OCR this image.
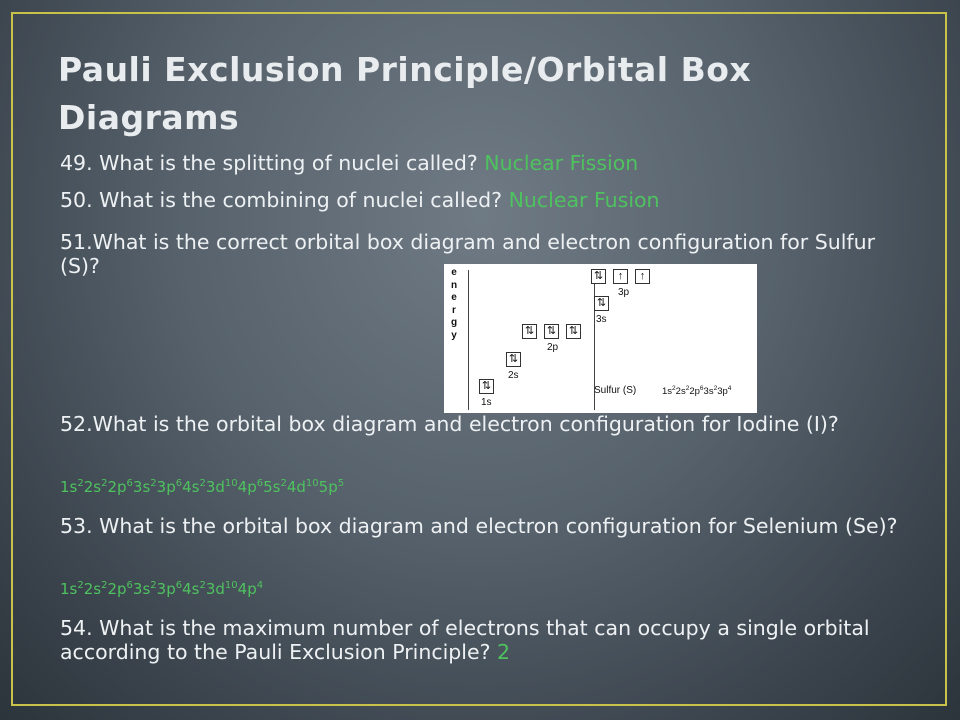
Pauli Exclusion Principle/Orbital Box Diagrams
49. What is the splitting of nuclei called? Nuclear Fission
50. What is the combining of nuclei called? Nuclear Fusion
51.What is the correct orbital box diagram and electron configuration for Sulfur (S)?	e
n
e
r
g
y
⇅
1s
⇅
2s
⇅ ⇅ ⇅
2p
⇅
3s
⇅	↑	↑
3p
Sulfur (S)	$1s^22s^22p^63s^23p^4$
52.What is the orbital box diagram and electron configuration for Iodine (I)?
$1s^22s^22p^63s^23p^64s^23d^{10}4p^65s^24d^{10}5p^5$
53. What is the orbital box diagram and electron configuration for Selenium (Se)?
$1s^22s^22p^63s^23p^64s^23d^{10}4p^4$
54. What is the maximum number of electrons that can occupy a single orbital according to the Pauli Exclusion Principle? 2
